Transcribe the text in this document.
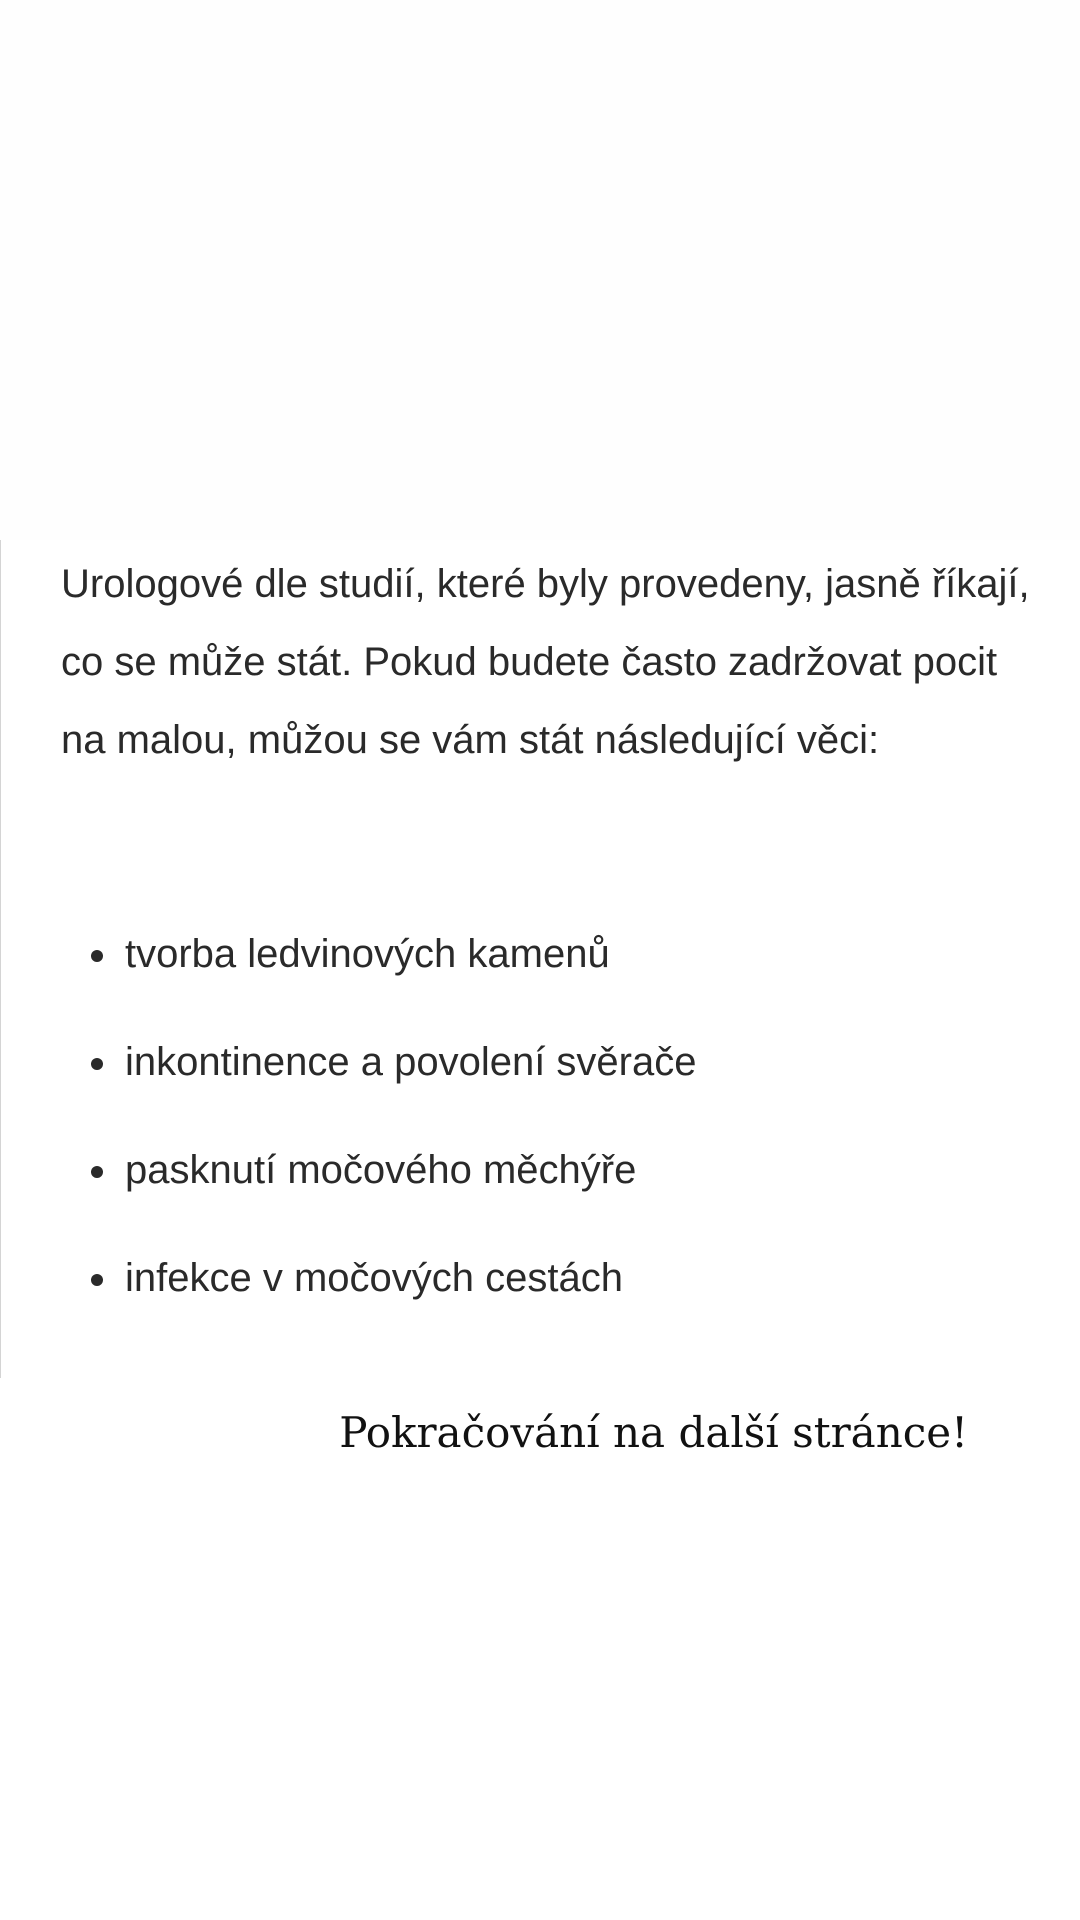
Urologové dle studií, které byly provedeny, jasně říkají, co se může stát. Pokud budete často zadržovat pocit na malou, můžou se vám stát následující věci:

tvorba ledvinových kamenů
inkontinence a povolení svěrače
pasknutí močového měchýře
infekce v močových cestách
Pokračování na další stránce!
